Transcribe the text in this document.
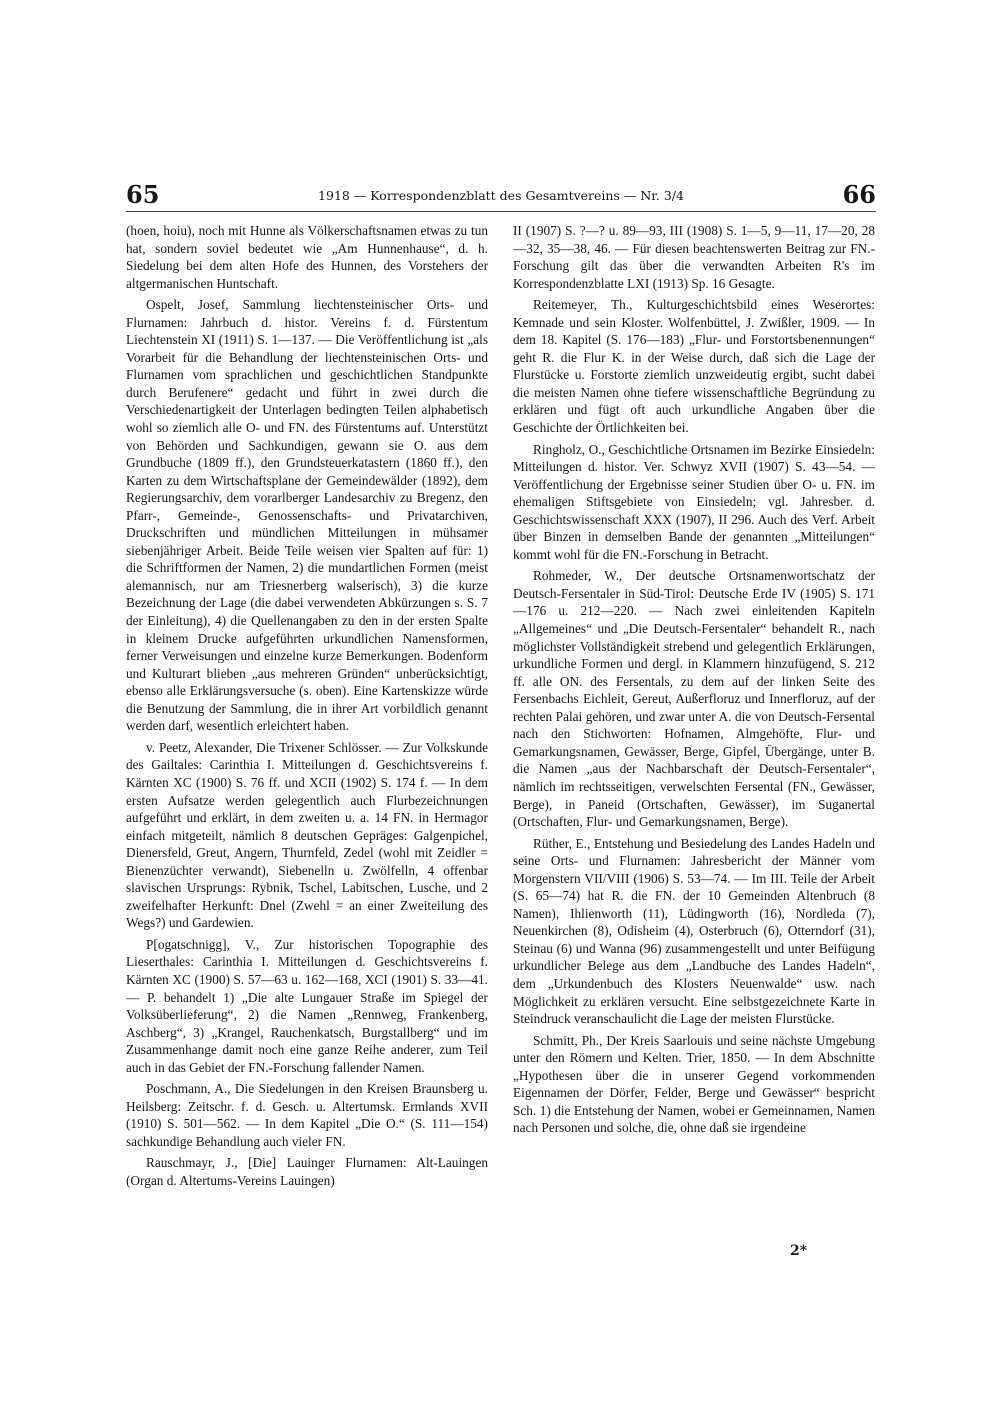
65	1918 — Korrespondenzblatt des Gesamtvereins — Nr. 3/4	66

(hoen, hoiu), noch mit Hunne als Völkerschaftsnamen etwas zu tun hat, sondern soviel bedeutet wie „Am Hunnenhause“, d. h. Siedelung bei dem alten Hofe des Hunnen, des Vorstehers der altgermanischen Huntschaft.

Ospelt, Josef, Sammlung liechtensteinischer Orts- und Flurnamen: Jahrbuch d. histor. Vereins f. d. Fürstentum Liechtenstein XI (1911) S. 1—137. — Die Veröffentlichung ist „als Vorarbeit für die Behandlung der liechtensteinischen Orts- und Flurnamen vom sprachlichen und geschichtlichen Standpunkte durch Berufenere“ gedacht und führt in zwei durch die Verschiedenartigkeit der Unterlagen bedingten Teilen alphabetisch wohl so ziemlich alle O- und FN. des Fürstentums auf. Unterstützt von Behörden und Sachkundigen, gewann sie O. aus dem Grundbuche (1809 ff.), den Grundsteuerkatastern (1860 ff.), den Karten zu dem Wirtschaftsplane der Gemeindewälder (1892), dem Regierungsarchiv, dem vorarlberger Landesarchiv zu Bregenz, den Pfarr-, Gemeinde-, Genossenschafts- und Privatarchiven, Druckschriften und mündlichen Mitteilungen in mühsamer siebenjähriger Arbeit. Beide Teile weisen vier Spalten auf für: 1) die Schriftformen der Namen, 2) die mundartlichen Formen (meist alemannisch, nur am Triesnerberg walserisch), 3) die kurze Bezeichnung der Lage (die dabei verwendeten Abkürzungen s. S. 7 der Einleitung), 4) die Quellenangaben zu den in der ersten Spalte in kleinem Drucke aufgeführten urkundlichen Namensformen, ferner Verweisungen und einzelne kurze Bemerkungen. Bodenform und Kulturart blieben „aus mehreren Gründen“ unberücksichtigt, ebenso alle Erklärungsversuche (s. oben). Eine Kartenskizze würde die Benutzung der Sammlung, die in ihrer Art vorbildlich genannt werden darf, wesentlich erleichtert haben.

v. Peetz, Alexander, Die Trixener Schlösser. — Zur Volkskunde des Gailtales: Carinthia I. Mitteilungen d. Geschichtsvereins f. Kärnten XC (1900) S. 76 ff. und XCII (1902) S. 174 f. — In dem ersten Aufsatze werden gelegentlich auch Flurbezeichnungen aufgeführt und erklärt, in dem zweiten u. a. 14 FN. in Hermagor einfach mitgeteilt, nämlich 8 deutschen Gepräges: Galgenpichel, Dienersfeld, Greut, Angern, Thurnfeld, Zedel (wohl mit Zeidler = Bienenzüchter verwandt), Siebenelln u. Zwölfelln, 4 offenbar slavischen Ursprungs: Rybnik, Tschel, Labitschen, Lusche, und 2 zweifelhafter Herkunft: Dnel (Zwehl = an einer Zweiteilung des Wegs?) und Gardewien.

P[ogatschnigg], V., Zur historischen Topographie des Lieserthales: Carinthia I. Mitteilungen d. Geschichtsvereins f. Kärnten XC (1900) S. 57—63 u. 162—168, XCI (1901) S. 33—41. — P. behandelt 1) „Die alte Lungauer Straße im Spiegel der Volksüberlieferung“, 2) die Namen „Rennweg, Frankenberg, Aschberg“, 3) „Krangel, Rauchenkatsch, Burgstallberg“ und im Zusammenhange damit noch eine ganze Reihe anderer, zum Teil auch in das Gebiet der FN.-Forschung fallender Namen.

Poschmann, A., Die Siedelungen in den Kreisen Braunsberg u. Heilsberg: Zeitschr. f. d. Gesch. u. Altertumsk. Ermlands XVII (1910) S. 501—562. — In dem Kapitel „Die O.“ (S. 111—154) sachkundige Behandlung auch vieler FN.

Rauschmayr, J., [Die] Lauinger Flurnamen: Alt-Lauingen (Organ d. Altertums-Vereins Lauingen)

II (1907) S. ?—? u. 89—93, III (1908) S. 1—5, 9—11, 17—20, 28—32, 35—38, 46. — Für diesen beachtenswerten Beitrag zur FN.-Forschung gilt das über die verwandten Arbeiten R's im Korrespondenzblatte LXI (1913) Sp. 16 Gesagte.

Reitemeyer, Th., Kulturgeschichtsbild eines Weserortes: Kemnade und sein Kloster. Wolfenbüttel, J. Zwißler, 1909. — In dem 18. Kapitel (S. 176—183) „Flur- und Forstortsbenennungen“ geht R. die Flur K. in der Weise durch, daß sich die Lage der Flurstücke u. Forstorte ziemlich unzweideutig ergibt, sucht dabei die meisten Namen ohne tiefere wissenschaftliche Begründung zu erklären und fügt oft auch urkundliche Angaben über die Geschichte der Örtlichkeiten bei.

Ringholz, O., Geschichtliche Ortsnamen im Bezirke Einsiedeln: Mitteilungen d. histor. Ver. Schwyz XVII (1907) S. 43—54. — Veröffentlichung der Ergebnisse seiner Studien über O- u. FN. im ehemaligen Stiftsgebiete von Einsiedeln; vgl. Jahresber. d. Geschichtswissenschaft XXX (1907), II 296. Auch des Verf. Arbeit über Binzen in demselben Bande der genannten „Mitteilungen“ kommt wohl für die FN.-Forschung in Betracht.

Rohmeder, W., Der deutsche Ortsnamenwortschatz der Deutsch-Fersentaler in Süd-Tirol: Deutsche Erde IV (1905) S. 171—176 u. 212—220. — Nach zwei einleitenden Kapiteln „Allgemeines“ und „Die Deutsch-Fersentaler“ behandelt R., nach möglichster Vollständigkeit strebend und gelegentlich Erklärungen, urkundliche Formen und dergl. in Klammern hinzufügend, S. 212 ff. alle ON. des Fersentals, zu dem auf der linken Seite des Fersenbachs Eichleit, Gereut, Außerfloruz und Innerfloruz, auf der rechten Palai gehören, und zwar unter A. die von Deutsch-Fersental nach den Stichworten: Hofnamen, Almgehöfte, Flur- und Gemarkungsnamen, Gewässer, Berge, Gipfel, Übergänge, unter B. die Namen „aus der Nachbarschaft der Deutsch-Fersentaler“, nämlich im rechtsseitigen, verwelschten Fersental (FN., Gewässer, Berge), in Paneid (Ortschaften, Gewässer), im Suganertal (Ortschaften, Flur- und Gemarkungsnamen, Berge).

Rüther, E., Entstehung und Besiedelung des Landes Hadeln und seine Orts- und Flurnamen: Jahresbericht der Männer vom Morgenstern VII/VIII (1906) S. 53—74. — Im III. Teile der Arbeit (S. 65—74) hat R. die FN. der 10 Gemeinden Altenbruch (8 Namen), Ihlienworth (11), Lüdingworth (16), Nordleda (7), Neuenkirchen (8), Odisheim (4), Osterbruch (6), Otterndorf (31), Steinau (6) und Wanna (96) zusammengestellt und unter Beifügung urkundlicher Belege aus dem „Landbuche des Landes Hadeln“, dem „Urkundenbuch des Klosters Neuenwalde“ usw. nach Möglichkeit zu erklären versucht. Eine selbstgezeichnete Karte in Steindruck veranschaulicht die Lage der meisten Flurstücke.

Schmitt, Ph., Der Kreis Saarlouis und seine nächste Umgebung unter den Römern und Kelten. Trier, 1850. — In dem Abschnitte „Hypothesen über die in unserer Gegend vorkommenden Eigennamen der Dörfer, Felder, Berge und Gewässer“ bespricht Sch. 1) die Entstehung der Namen, wobei er Gemeinnamen, Namen nach Personen und solche, die, ohne daß sie irgendeine

2*
